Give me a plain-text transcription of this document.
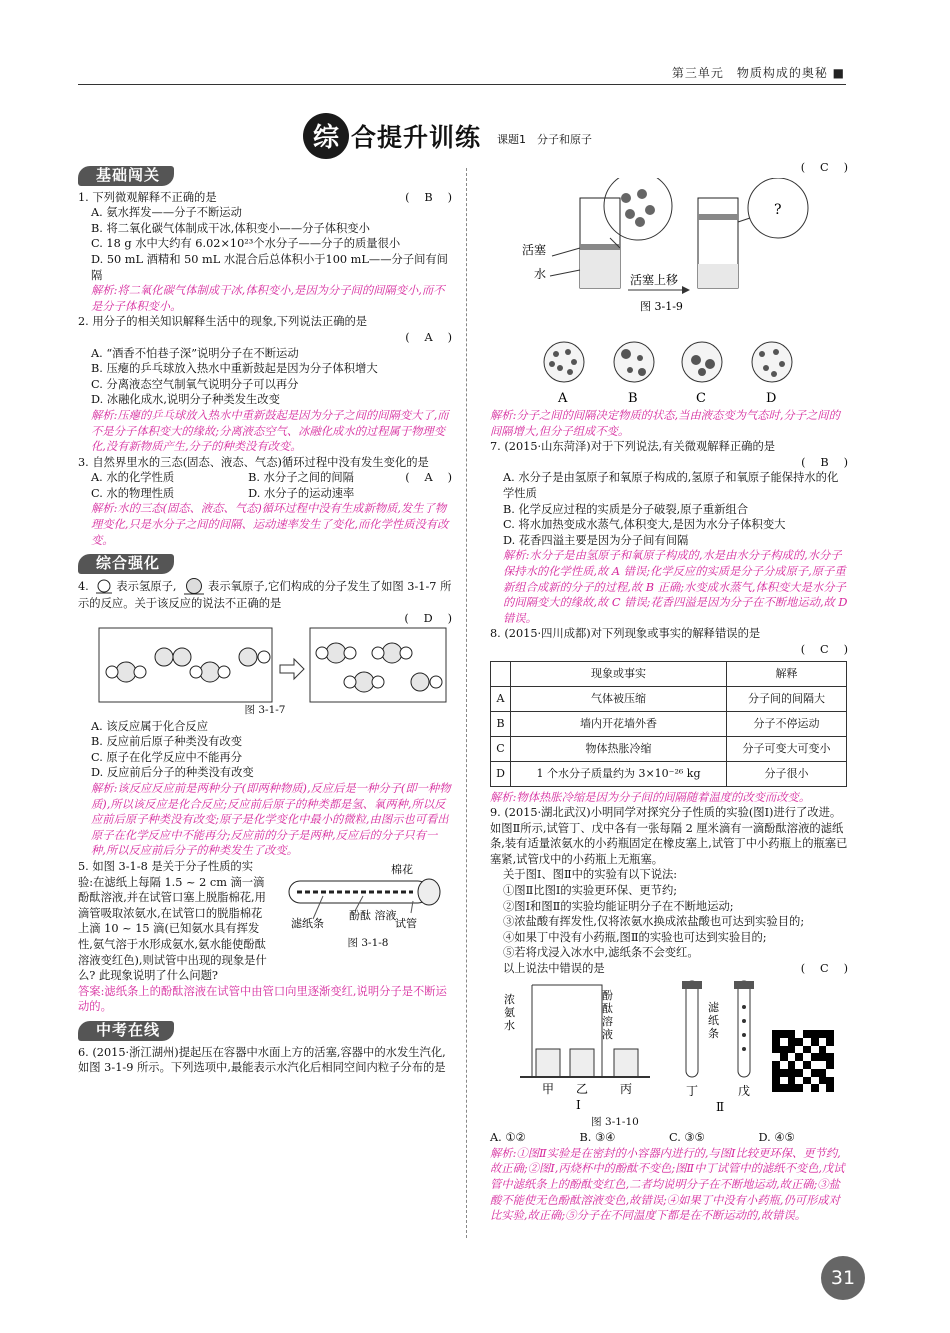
第三单元　物质构成的奥秘 ■
综 合提升训练 课题1　分子和原子
基础闯关
1. 下列微观解释不正确的是	( 　B　 )
A. 氨水挥发——分子不断运动
B. 将二氧化碳气体制成干冰,体积变小——分子体积变小
C. 18 g 水中大约有 6.02×10²³个水分子——分子的质量很小
D. 50 mL 酒精和 50 mL 水混合后总体积小于100 mL——分子间有间隔
解析:将二氧化碳气体制成干冰,体积变小,是因为分子间的间隔变小,而不是分子体积变小。
2. 用分子的相关知识解释生活中的现象,下列说法正确的是
( 　A　 )
A. “酒香不怕巷子深”说明分子在不断运动
B. 压瘪的乒乓球放入热水中重新鼓起是因为分子体积增大
C. 分离液态空气制氧气说明分子可以再分
D. 冰融化成水,说明分子种类发生改变
解析:压瘪的乒乓球放入热水中重新鼓起是因为分子之间的间隔变大了,而不是分子体积变大的缘故;分离液态空气、冰融化成水的过程属于物理变化,没有新物质产生,分子的种类没有改变。
3. 自然界里水的三态(固态、液态、气态)循环过程中没有发生变化的是
( 　A　 )
A. 水的化学性质	B. 水分子之间的间隔
C. 水的物理性质	D. 水分子的运动速率
解析:水的三态(固态、液态、气态)循环过程中没有生成新物质,发生了物理变化,只是水分子之间的间隔、运动速率发生了变化,而化学性质没有改变。
综合强化
4. 表示氢原子,	表示氧原子,它们构成的分子发生了如图 3-1-7 所示的反应。关于该反应的说法不正确的是
( 　D　 )
图 3-1-7
A. 该反应属于化合反应
B. 反应前后原子种类没有改变
C. 原子在化学反应中不能再分
D. 反应前后分子的种类没有改变
解析:该反应反应前是两种分子(即两种物质),反应后是一种分子(即一种物质),所以该反应是化合反应;反应前后原子的种类都是氢、氧两种,所以反应前后原子种类没有改变;原子是化学变化中最小的微粒,由图示也可看出原子在化学反应中不能再分;反应前的分子是两种,反应后的分子只有一种,所以反应前后分子的种类发生了改变。
5. 如图 3-1-8 是关于分子性质的实验:在滤纸上每隔 1.5 ~ 2 cm 滴一滴酚酞溶液,并在试管口塞上脱脂棉花,用滴管吸取浓氨水,在试管口的脱脂棉花上滴 10 ~ 15 滴(已知氨水具有挥发性,氨气溶于水形成氨水,氨水能使酚酞溶液变红色),则试管中出现的现象是什么? 此现象说明了什么问题?
棉花
滤纸条
酚酞 溶液
试管
图 3-1-8
答案:滤纸条上的酚酞溶液在试管中由管口向里逐渐变红,说明分子是不断运动的。
中考在线
6. (2015·浙江湖州)提起压在容器中水面上方的活塞,容器中的水发生汽化,如图 3-1-9 所示。下列选项中,最能表示水汽化后相同空间内粒子分布的是
( 　C　 )
活塞
水	活塞上移
?
图 3-1-9
A	B	C	D
解析:分子之间的间隔决定物质的状态,当由液态变为气态时,分子之间的间隔增大,但分子组成不变。
7. (2015·山东菏泽)对于下列说法,有关微观解释正确的是
( 　B　 )
A. 水分子是由氢原子和氧原子构成的,氢原子和氧原子能保持水的化学性质
B. 化学反应过程的实质是分子破裂,原子重新组合
C. 将水加热变成水蒸气,体积变大,是因为水分子体积变大
D. 花香四溢主要是因为分子间有间隔
解析:水分子是由氢原子和氧原子构成的,水是由水分子构成的,水分子保持水的化学性质,故 A 错误;化学反应的实质是分子分成原子,原子重新组合成新的分子的过程,故 B 正确;水变成水蒸气,体积变大是水分子的间隔变大的缘故,故 C 错误;花香四溢是因为分子在不断地运动,故 D 错误。
8. (2015·四川成都)对下列现象或事实的解释错误的是
( 　C　 )
	现象或事实	解释
A	气体被压缩	分子间的间隔大
B	墙内开花墙外香	分子不停运动
C	物体热胀冷缩	分子可变大可变小
D	1 个水分子质量约为 3×10⁻²⁶ kg	分子很小
解析:物体热胀冷缩是因为分子间的间隔随着温度的改变而改变。
9. (2015·湖北武汉)小明同学对探究分子性质的实验(图Ⅰ)进行了改进。如图Ⅱ所示,试管丁、戊中各有一张每隔 2 厘米滴有一滴酚酞溶液的滤纸条,装有适量浓氨水的小药瓶固定在橡皮塞上,试管丁中小药瓶上的瓶塞已塞紧,试管戊中的小药瓶上无瓶塞。
关于图Ⅰ、图Ⅱ中的实验有以下说法:
①图Ⅱ比图Ⅰ的实验更环保、更节约;
②图Ⅰ和图Ⅱ的实验均能证明分子在不断地运动;
③浓盐酸有挥发性,仅将浓氨水换成浓盐酸也可达到实验目的;
④如果丁中没有小药瓶,图Ⅱ的实验也可达到实验目的;
⑤若将戊浸入冰水中,滤纸条不会变红。
以上说法中错误的是	( 　C　 )
浓氨水
酚酞溶液
甲 乙	丙
Ⅰ
滤纸条
丁	戊
Ⅱ
图 3-1-10
A. ①②	B. ③④	C. ③⑤	D. ④⑤
解析:①图Ⅱ实验是在密封的小容器内进行的,与图Ⅰ比较更环保、更节约,故正确;②图Ⅰ,丙烧杯中的酚酞不变色;图Ⅱ中丁试管中的滤纸不变色,戊试管中滤纸条上的酚酞变红色,二者均说明分子在不断地运动,故正确;③盐酸不能使无色酚酞溶液变色,故错误;④如果丁中没有小药瓶,仍可形成对比实验,故正确;⑤分子在不同温度下都是在不断运动的,故错误。
31
